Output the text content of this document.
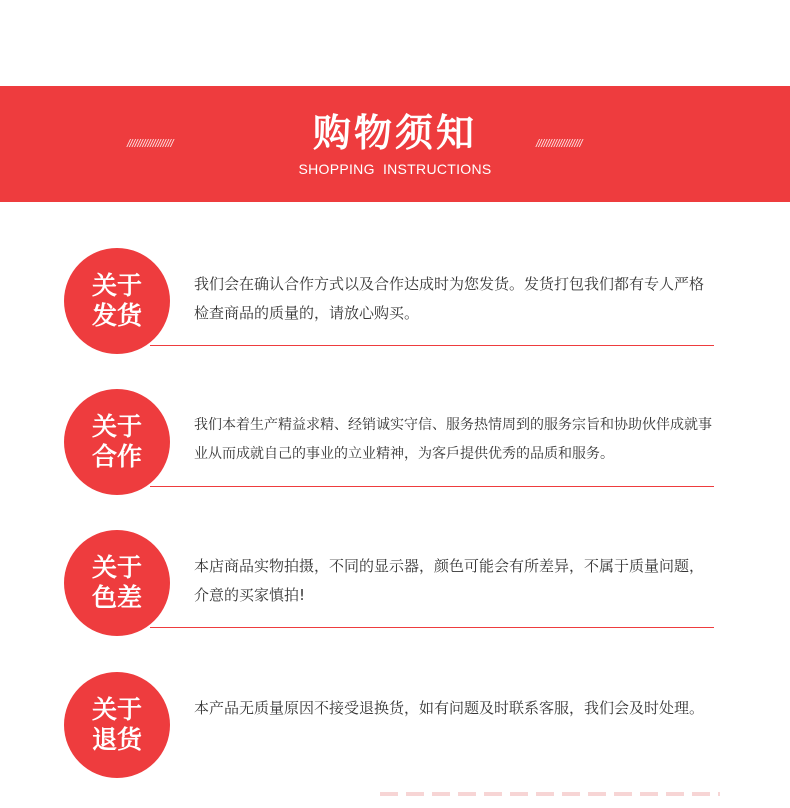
//////////////////	购物须知	//////////////////
SHOPPING INSTRUCTIONS
关于
发货
我们会在确认合作方式以及合作达成时为您发货。发货打包我们都有专人严格检查商品的质量的，请放心购买。
关于
合作
我们本着生产精益求精、经销诚实守信、服务热情周到的服务宗旨和协助伙伴成就事业从而成就自己的事业的立业精神，为客戶提供优秀的品质和服务。
关于
色差
本店商品实物拍摄，不同的显示器，颜色可能会有所差异，不属于质量问题，介意的买家慎拍!
关于
退货
本产品无质量原因不接受退换货，如有问题及时联系客服，我们会及时处理。
